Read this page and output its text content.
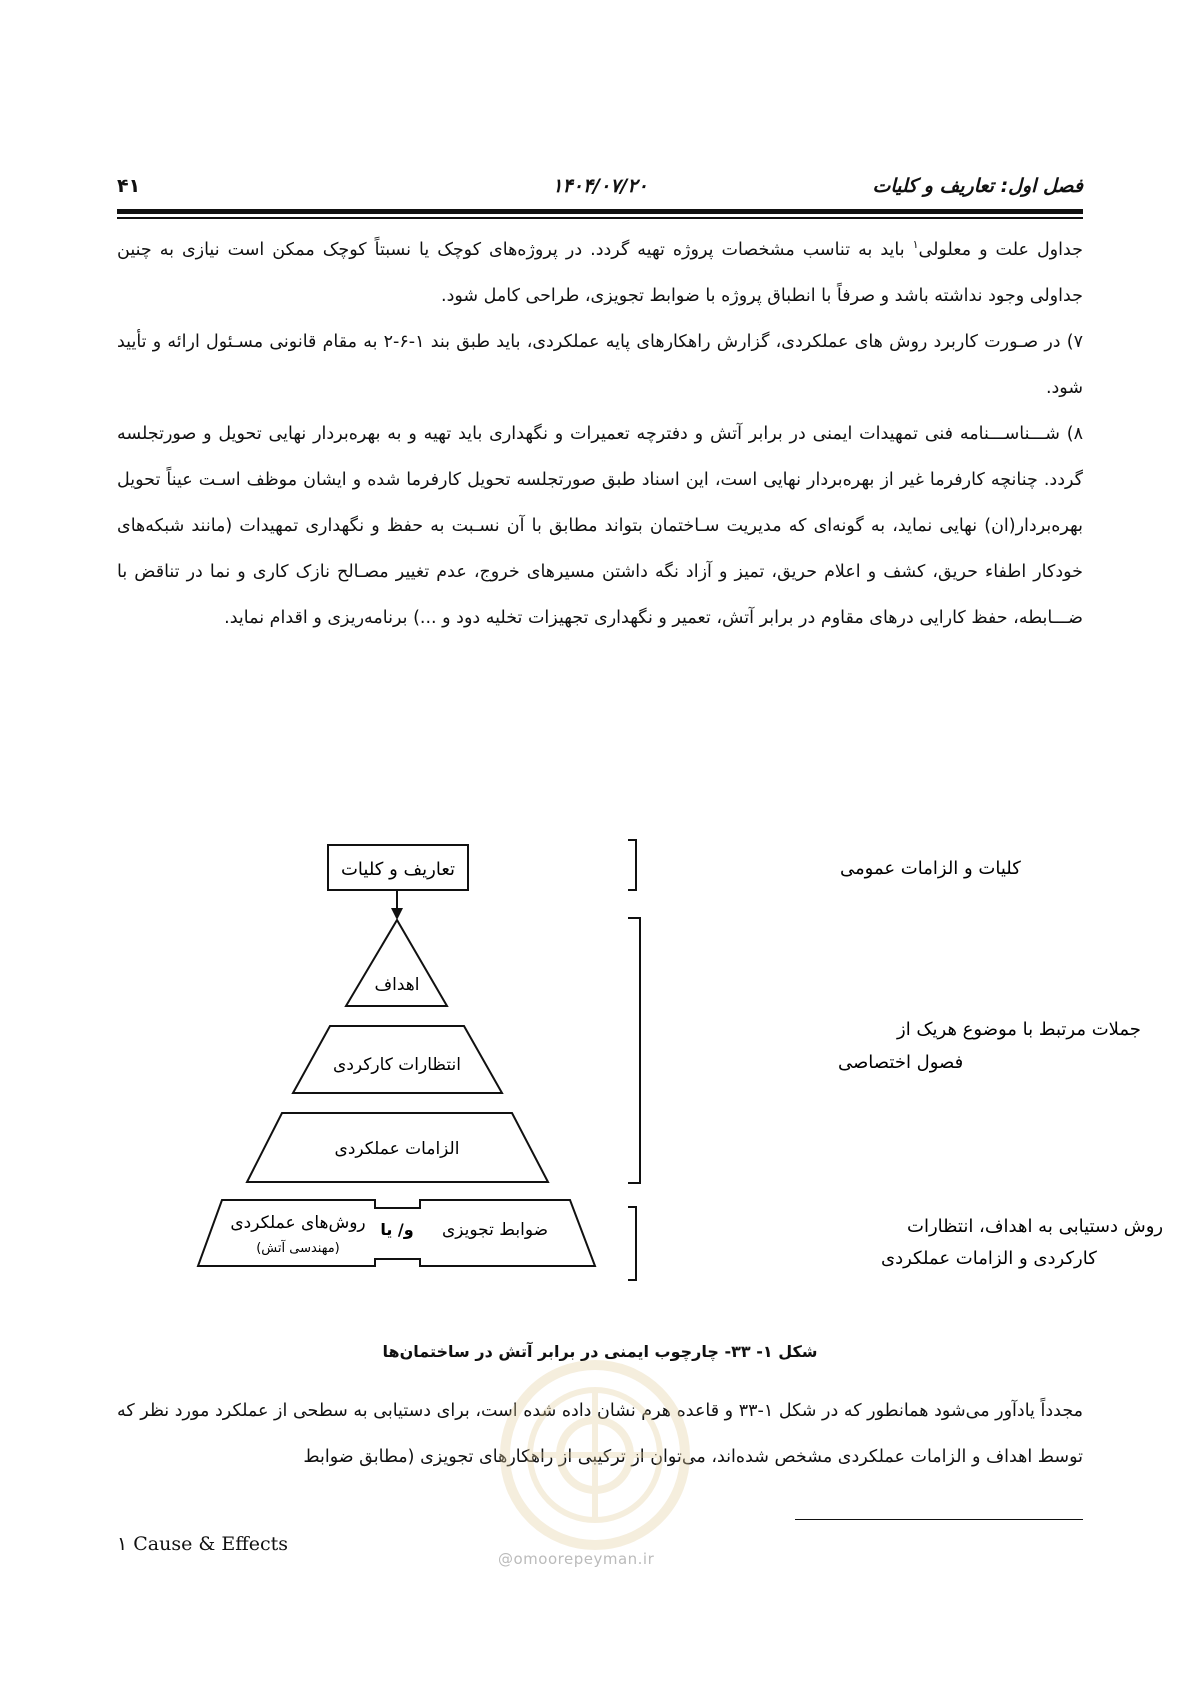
فصل اول: تعاریف و کلیات
۱۴۰۴/۰۷/۲۰
۴۱

جداول علت و معلولی$^۱$ باید به تناسب مشخصات پروژه تهیه گردد. در پروژه‌های کوچک یا نسبتاً کوچک ممکن است نیازی به چنین جداولی وجود نداشته باشد و صرفاً با انطباق پروژه با ضوابط تجویزی، طراحی کامل شود.

۷) در صـورت کاربرد روش های عملکردی، گزارش راهکارهای پایه عملکردی، باید طبق بند ۱-۶-۲ به مقام قانونی مسـئول ارائه و تأیید شود.

۸) شـــناســـنامه فنی تمهیدات ایمنی در برابر آتش و دفترچه تعمیرات و نگهداری باید تهیه و به بهره‌بردار نهایی تحویل و صورتجلسه گردد. چنانچه کارفرما غیر از بهره‌بردار نهایی است، این اسناد طبق صورتجلسه تحویل کارفرما شده و ایشان موظف اسـت عیناً تحویل بهره‌بردار(ان) نهایی نماید، به گونه‌ای که مدیریت سـاختمان بتواند مطابق با آن نسـبت به حفظ و نگهداری تمهیدات (مانند شبکه‌های خودکار اطفاء حریق، کشف و اعلام حریق، تمیز و آزاد نگه داشتن مسیرهای خروج، عدم تغییر مصـالح نازک کاری و نما در تناقض با ضـــابطه، حفظ کارایی درهای مقاوم در برابر آتش، تعمیر و نگهداری تجهیزات تخلیه دود و ...) برنامه‌ریزی و اقدام نماید.

تعاریف و کلیات
اهداف
انتظارات کارکردی
الزامات عملکردی
روش‌های عملکردی
(مهندسی آتش)
و/ یا ضوابط تجویزی
کلیات و الزامات عمومی
جملات مرتبط با موضوع هریک از
فصول اختصاصی
روش دستیابی به اهداف، انتظارات
کارکردی و الزامات عملکردی
شکل ۱- ۳۳- چارچوب ایمنی در برابر آتش در ساختمان‌ها

مجدداً یادآور می‌شود همانطور که در شکل ۱-۳۳ و قاعده هرم نشان داده شده است، برای دستیابی به سطحی از عملکرد مورد نظر که توسط اهداف و الزامات عملکردی مشخص شده‌اند، می‌توان از ترکیبی از راهکارهای تجویزی (مطابق ضوابط

@omoorepeyman.ir
۱ Cause & Effects
